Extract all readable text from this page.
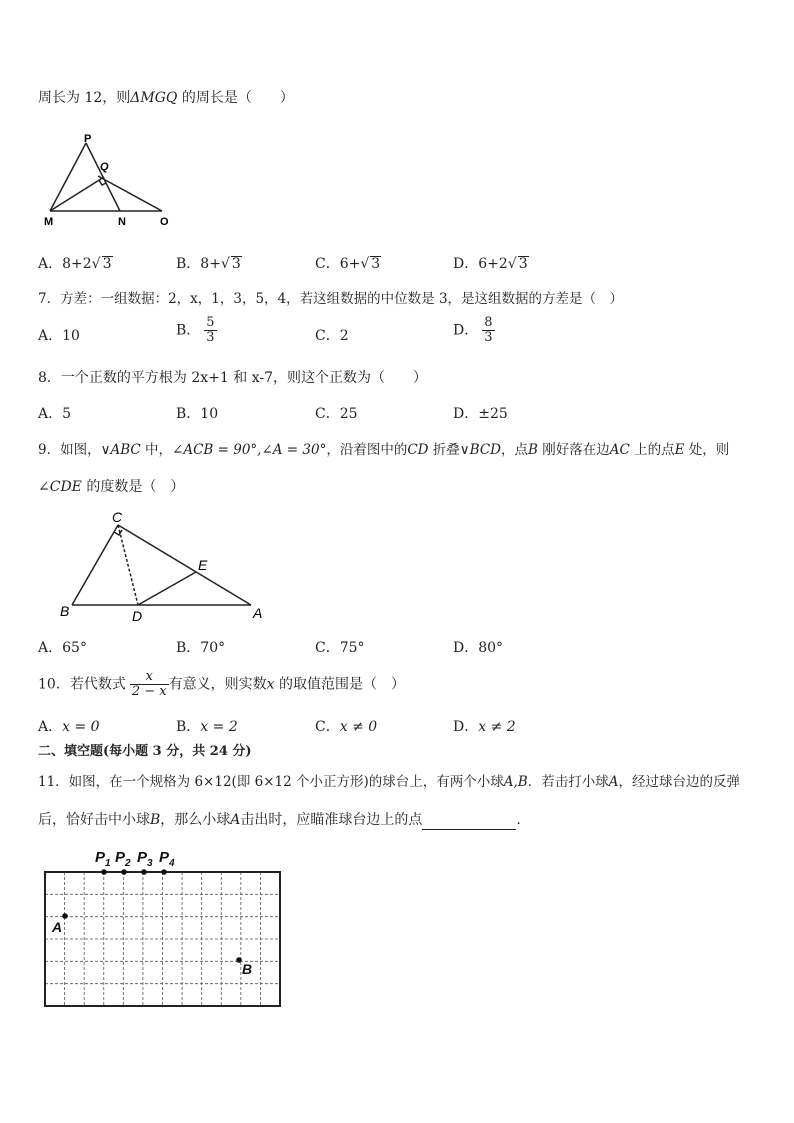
周长为 12，则ΔMGQ 的周长是（　　）
P
Q
M	N	O
A．8+2√ 3	B．8+√ 3	C．6+√ 3	D．6+2√ 3
7．方差：一组数据：2，x，1，3，5，4，若这组数据的中位数是 3，是这组数据的方差是（　）
A．10	B． $\frac{5}{3}$	C．2	D． $\frac{8}{3}$
8．一个正数的平方根为 2x+1 和 x-7，则这个正数为（　　）
A．5	B．10	C．25	D．±25
9．如图，∨ABC 中，∠ACB = 90°,∠A = 30°，沿着图中的CD 折叠∨BCD，点B 刚好落在边AC 上的点E 处，则
∠CDE 的度数是（　）
C
E
B	D	A
A．65°	B．70°	C．75°	D．80°
10．若代数式 $\frac{x}{2 - x}$ 有意义，则实数x 的取值范围是（　）
A．x = 0	B．x = 2	C．x ≠ 0	D．x ≠ 2
二、填空题(每小题 3 分，共 24 分)
11．如图，在一个规格为 6×12(即 6×12 个小正方形)的球台上，有两个小球A,B．若击打小球A，经过球台边的反弹
后，恰好击中小球B，那么小球A击出时，应瞄准球台边上的点	.
P 1 P 2 P 3 P 4
A
B
